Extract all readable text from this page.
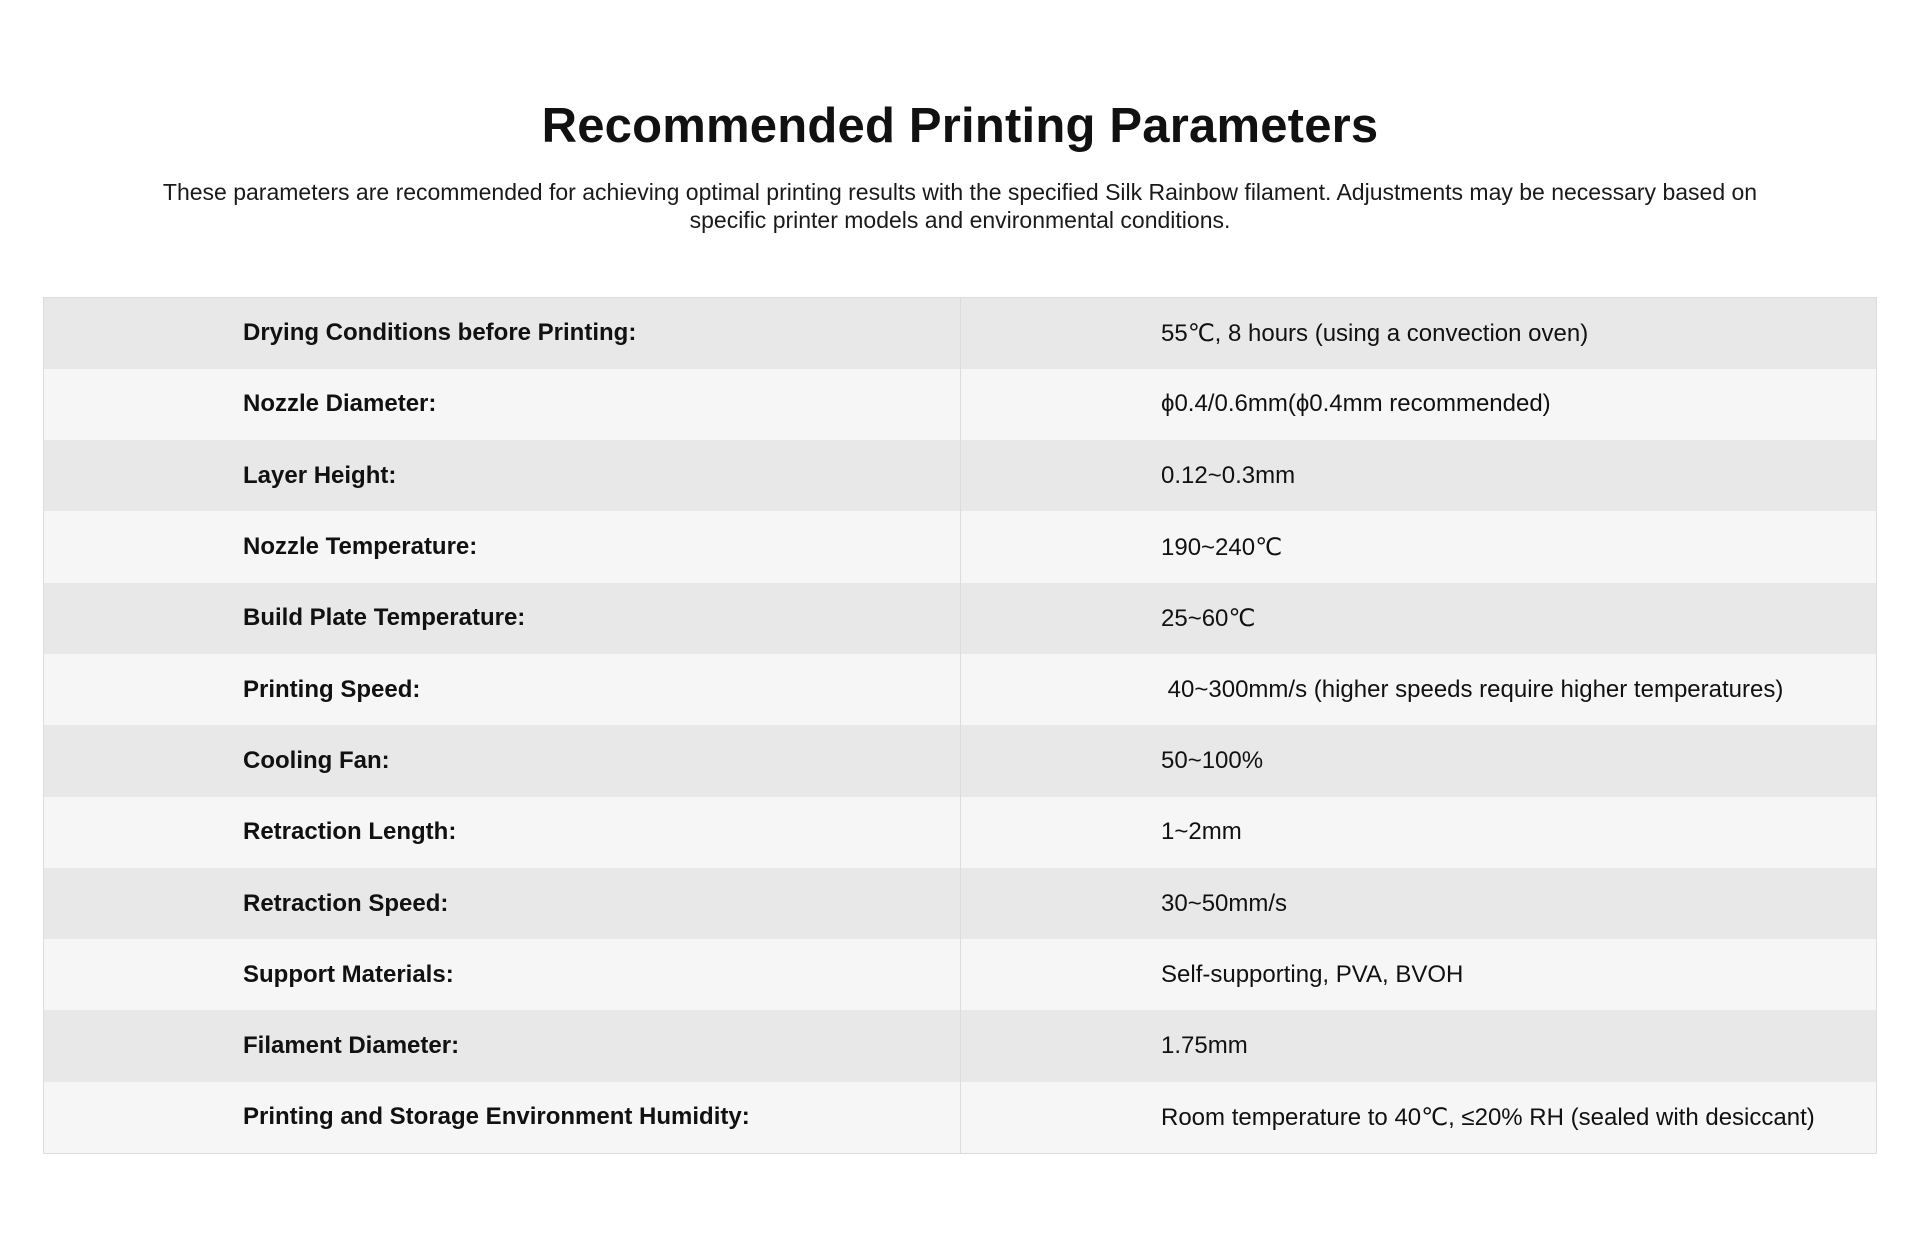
Recommended Printing Parameters

These parameters are recommended for achieving optimal printing results with the specified Silk Rainbow filament. Adjustments may be necessary based on specific printer models and environmental conditions.

Drying Conditions before Printing:	55℃, 8 hours (using a convection oven)
Nozzle Diameter:	ϕ0.4/0.6mm(ϕ0.4mm recommended)
Layer Height:	0.12~0.3mm
Nozzle Temperature:	190~240℃
Build Plate Temperature:	25~60℃
Printing Speed:	40~300mm/s (higher speeds require higher temperatures)
Cooling Fan:	50~100%
Retraction Length:	1~2mm
Retraction Speed:	30~50mm/s
Support Materials:	Self-supporting, PVA, BVOH
Filament Diameter:	1.75mm
Printing and Storage Environment Humidity:	Room temperature to 40℃, ≤20% RH (sealed with desiccant)
